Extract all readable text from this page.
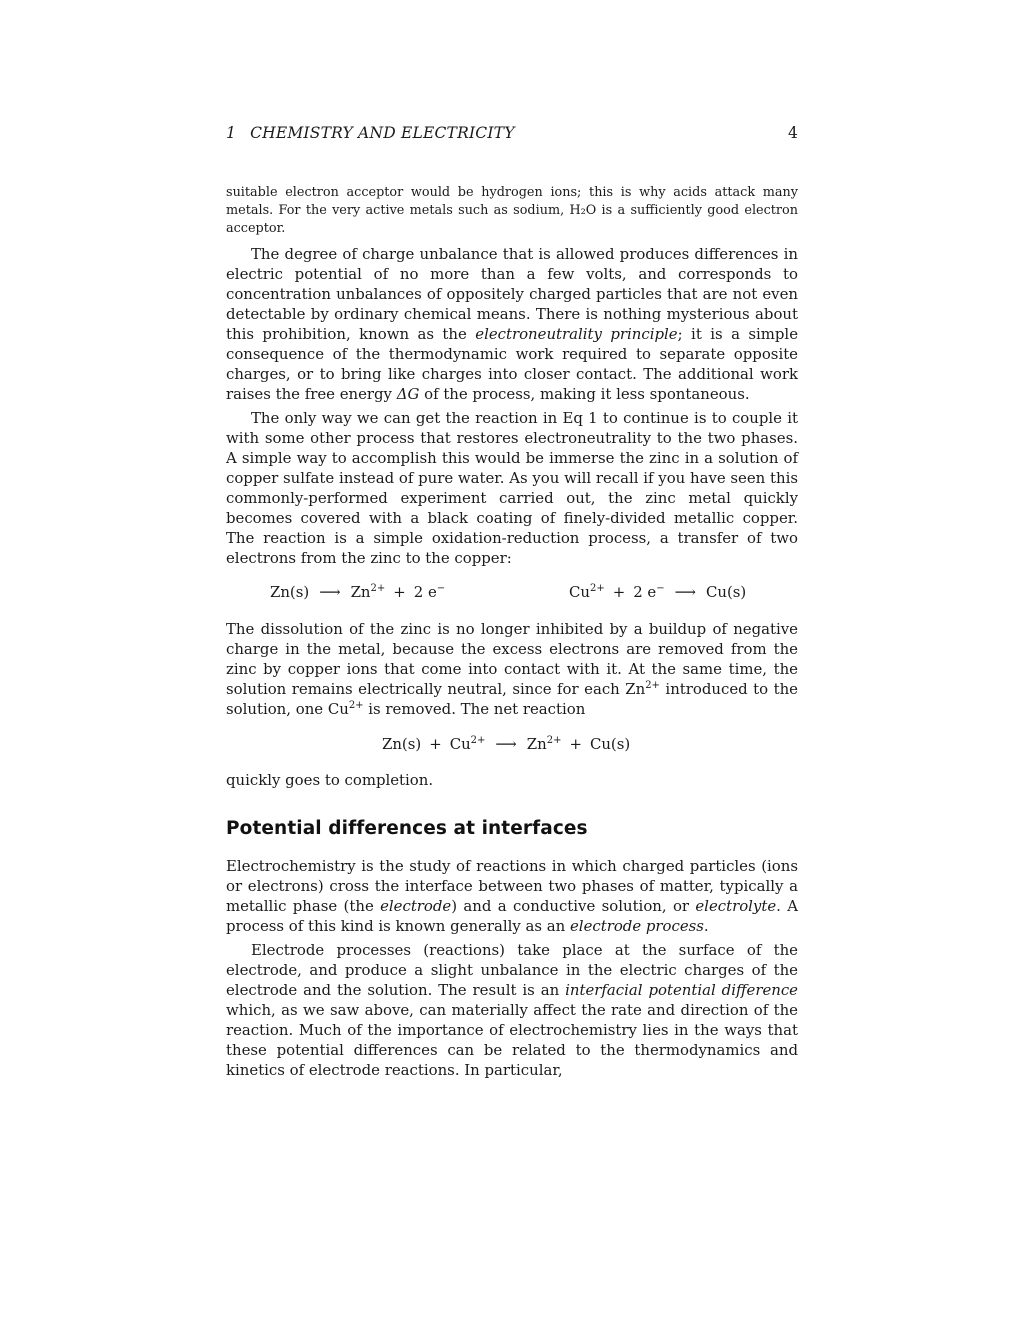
1 CHEMISTRY AND ELECTRICITY	4
suitable electron acceptor would be hydrogen ions; this is why acids attack many metals. For the very active metals such as sodium, H₂O is a sufficiently good electron acceptor.
The degree of charge unbalance that is allowed produces differences in electric potential of no more than a few volts, and corresponds to concentration unbalances of oppositely charged particles that are not even detectable by ordinary chemical means. There is nothing mysterious about this prohibition, known as the electroneutrality principle; it is a simple consequence of the thermodynamic work required to separate opposite charges, or to bring like charges into closer contact. The additional work raises the free energy ΔG of the process, making it less spontaneous.
The only way we can get the reaction in Eq 1 to continue is to couple it with some other process that restores electroneutrality to the two phases. A simple way to accomplish this would be immerse the zinc in a solution of copper sulfate instead of pure water. As you will recall if you have seen this commonly-performed experiment carried out, the zinc metal quickly becomes covered with a black coating of finely-divided metallic copper. The reaction is a simple oxidation-reduction process, a transfer of two electrons from the zinc to the copper:
Zn(s) ⟶ $Zn^{2+} + 2$ e−	$Cu^{2+} + 2$ e− ⟶ Cu(s)
The dissolution of the zinc is no longer inhibited by a buildup of negative charge in the metal, because the excess electrons are removed from the zinc by copper ions that come into contact with it. At the same time, the solution remains electrically neutral, since for each $Zn^{2+}$ introduced to the solution, one $Cu^{2+}$ is removed. The net reaction
$Zn(s) + Cu^{2+}$ ⟶ $Zn^{2+} + Cu(s)$
quickly goes to completion.
Potential differences at interfaces
Electrochemistry is the study of reactions in which charged particles (ions or electrons) cross the interface between two phases of matter, typically a metallic phase (the electrode) and a conductive solution, or electrolyte. A process of this kind is known generally as an electrode process.
Electrode processes (reactions) take place at the surface of the electrode, and produce a slight unbalance in the electric charges of the electrode and the solution. The result is an interfacial potential difference which, as we saw above, can materially affect the rate and direction of the reaction. Much of the importance of electrochemistry lies in the ways that these potential differences can be related to the thermodynamics and kinetics of electrode reactions. In particular,
